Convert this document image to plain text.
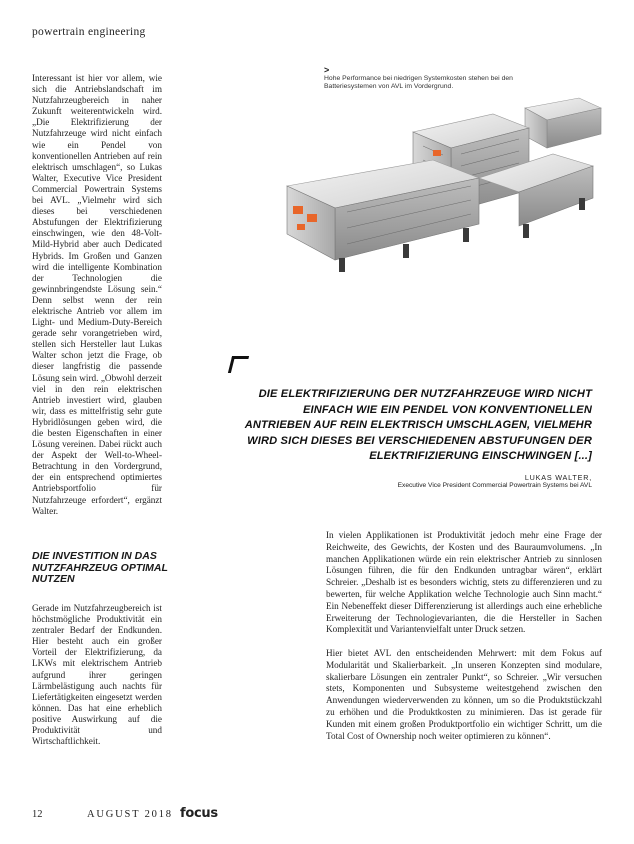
powertrain engineering

Interessant ist hier vor allem, wie sich die Antriebslandschaft im Nutzfahrzeugbereich in naher Zukunft weiterentwickeln wird. „Die Elektrifizierung der Nutzfahrzeuge wird nicht einfach wie ein Pendel von konventionellen Antrieben auf rein elektrisch umschlagen“, so Lukas Walter, Executive Vice President Commercial Powertrain Systems bei AVL. „Vielmehr wird sich dieses bei verschiedenen Abstufungen der Elektrifizierung einschwingen, wie den 48-Volt-Mild-Hybrid aber auch Dedicated Hybrids. Im Großen und Ganzen wird die intelligente Kombination der Technologien die gewinnbringendste Lösung sein.“ Denn selbst wenn der rein elektrische Antrieb vor allem im Light- und Medium-Duty-Bereich gerade sehr vorangetrieben wird, stellen sich Hersteller laut Lukas Walter schon jetzt die Frage, ob dieser langfristig die passende Lösung sein wird. „Obwohl derzeit viel in den rein elektrischen Antrieb investiert wird, glauben wir, dass es mittelfristig sehr gute Hybridlösungen geben wird, die die besten Eigenschaften in einer Lösung vereinen. Dabei rückt auch der Aspekt der Well-to-Wheel-Betrachtung in den Vordergrund, der ein entsprechend optimiertes Antriebsportfolio für Nutzfahrzeuge erfordert“, ergänzt Walter.

DIE INVESTITION IN DAS NUTZFAHRZEUG OPTIMAL NUTZEN

Gerade im Nutzfahrzeugbereich ist höchstmögliche Produktivität ein zentraler Bedarf der Endkunden. Hier besteht auch ein großer Vorteil der Elektrifizierung, da LKWs mit elektrischem Antrieb aufgrund ihrer geringen Lärmbelästigung auch nachts für Liefertätigkeiten eingesetzt werden können. Das hat eine erheblich positive Auswirkung auf die Produktivität und Wirtschaftlichkeit.

>
Hohe Performance bei niedrigen Systemkosten stehen bei den Batteriesystemen von AVL im Vordergrund.
DIE ELEKTRIFIZIERUNG DER NUTZFAHRZEUGE WIRD NICHT EINFACH WIE EIN PENDEL VON KONVENTIONELLEN ANTRIEBEN AUF REIN ELEKTRISCH UMSCHLAGEN, VIELMEHR WIRD SICH DIESES BEI VERSCHIEDENEN ABSTUFUNGEN DER ELEKTRIFIZIERUNG EINSCHWINGEN [...]
LUKAS WALTER,
Executive Vice President Commercial Powertrain Systems bei AVL

In vielen Applikationen ist Produktivität jedoch mehr eine Frage der Reichweite, des Gewichts, der Kosten und des Bauraumvolumens. „In manchen Applikationen würde ein rein elektrischer Antrieb zu sinnlosen Lösungen führen, die für den Endkunden untragbar wären“, erklärt Schreier. „Deshalb ist es besonders wichtig, stets zu differenzieren und zu bewerten, für welche Applikation welche Technologie auch Sinn macht.“ Ein Nebeneffekt dieser Differenzierung ist allerdings auch eine erhebliche Erweiterung der Technologievarianten, die die Hersteller in Sachen Komplexität und Variantenvielfalt unter Druck setzen.

Hier bietet AVL den entscheidenden Mehrwert: mit dem Fokus auf Modularität und Skalierbarkeit. „In unseren Konzepten sind modulare, skalierbare Lösungen ein zentraler Punkt“, so Schreier. „Wir versuchen stets, Komponenten und Subsysteme weitestgehend zwischen den Anwendungen wiederverwenden zu können, um so die Produktstückzahl zu erhöhen und die Produktkosten zu minimieren. Das ist gerade für Kunden mit einem großen Produktportfolio ein wichtiger Schritt, um die Total Cost of Ownership noch weiter optimieren zu können“.

12	AUGUST 2018 focus
